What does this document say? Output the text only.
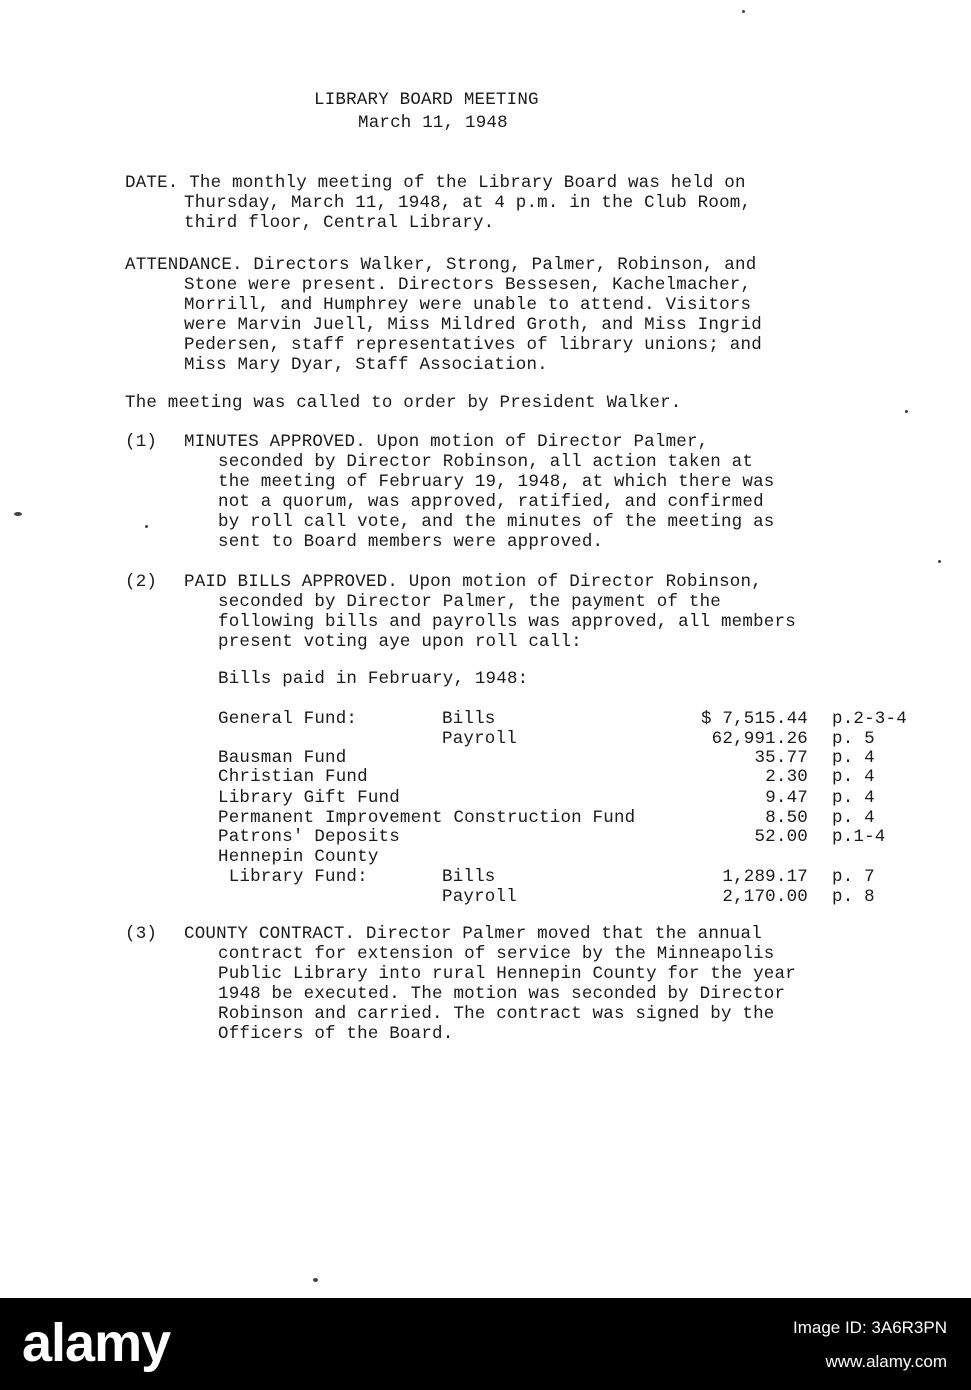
LIBRARY BOARD MEETING
March 11, 1948
DATE. The monthly meeting of the Library Board was held on
Thursday, March 11, 1948, at 4 p.m. in the Club Room,
third floor, Central Library.
ATTENDANCE. Directors Walker, Strong, Palmer, Robinson, and
Stone were present. Directors Bessesen, Kachelmacher,
Morrill, and Humphrey were unable to attend. Visitors
were Marvin Juell, Miss Mildred Groth, and Miss Ingrid
Pedersen, staff representatives of library unions; and
Miss Mary Dyar, Staff Association.
The meeting was called to order by President Walker.
(1) MINUTES APPROVED. Upon motion of Director Palmer,
seconded by Director Robinson, all action taken at
the meeting of February 19, 1948, at which there was
not a quorum, was approved, ratified, and confirmed
by roll call vote, and the minutes of the meeting as
sent to Board members were approved.
(2) PAID BILLS APPROVED. Upon motion of Director Robinson,
seconded by Director Palmer, the payment of the
following bills and payrolls was approved, all members
present voting aye upon roll call:
Bills paid in February, 1948:
General Fund:	Bills	$ 7,515.44 p.2-3-4
Payroll	62,991.26 p. 5
Bausman Fund	35.77 p. 4
Christian Fund	2.30 p. 4
Library Gift Fund	9.47 p. 4
Permanent Improvement Construction Fund	8.50 p. 4
Patrons' Deposits	52.00 p.1-4
Hennepin County
Library Fund:	Bills	1,289.17 p. 7
Payroll	2,170.00 p. 8
(3) COUNTY CONTRACT. Director Palmer moved that the annual
contract for extension of service by the Minneapolis
Public Library into rural Hennepin County for the year
1948 be executed. The motion was seconded by Director
Robinson and carried. The contract was signed by the
Officers of the Board.
alamy	Image ID: 3A6R3PN
www.alamy.com
